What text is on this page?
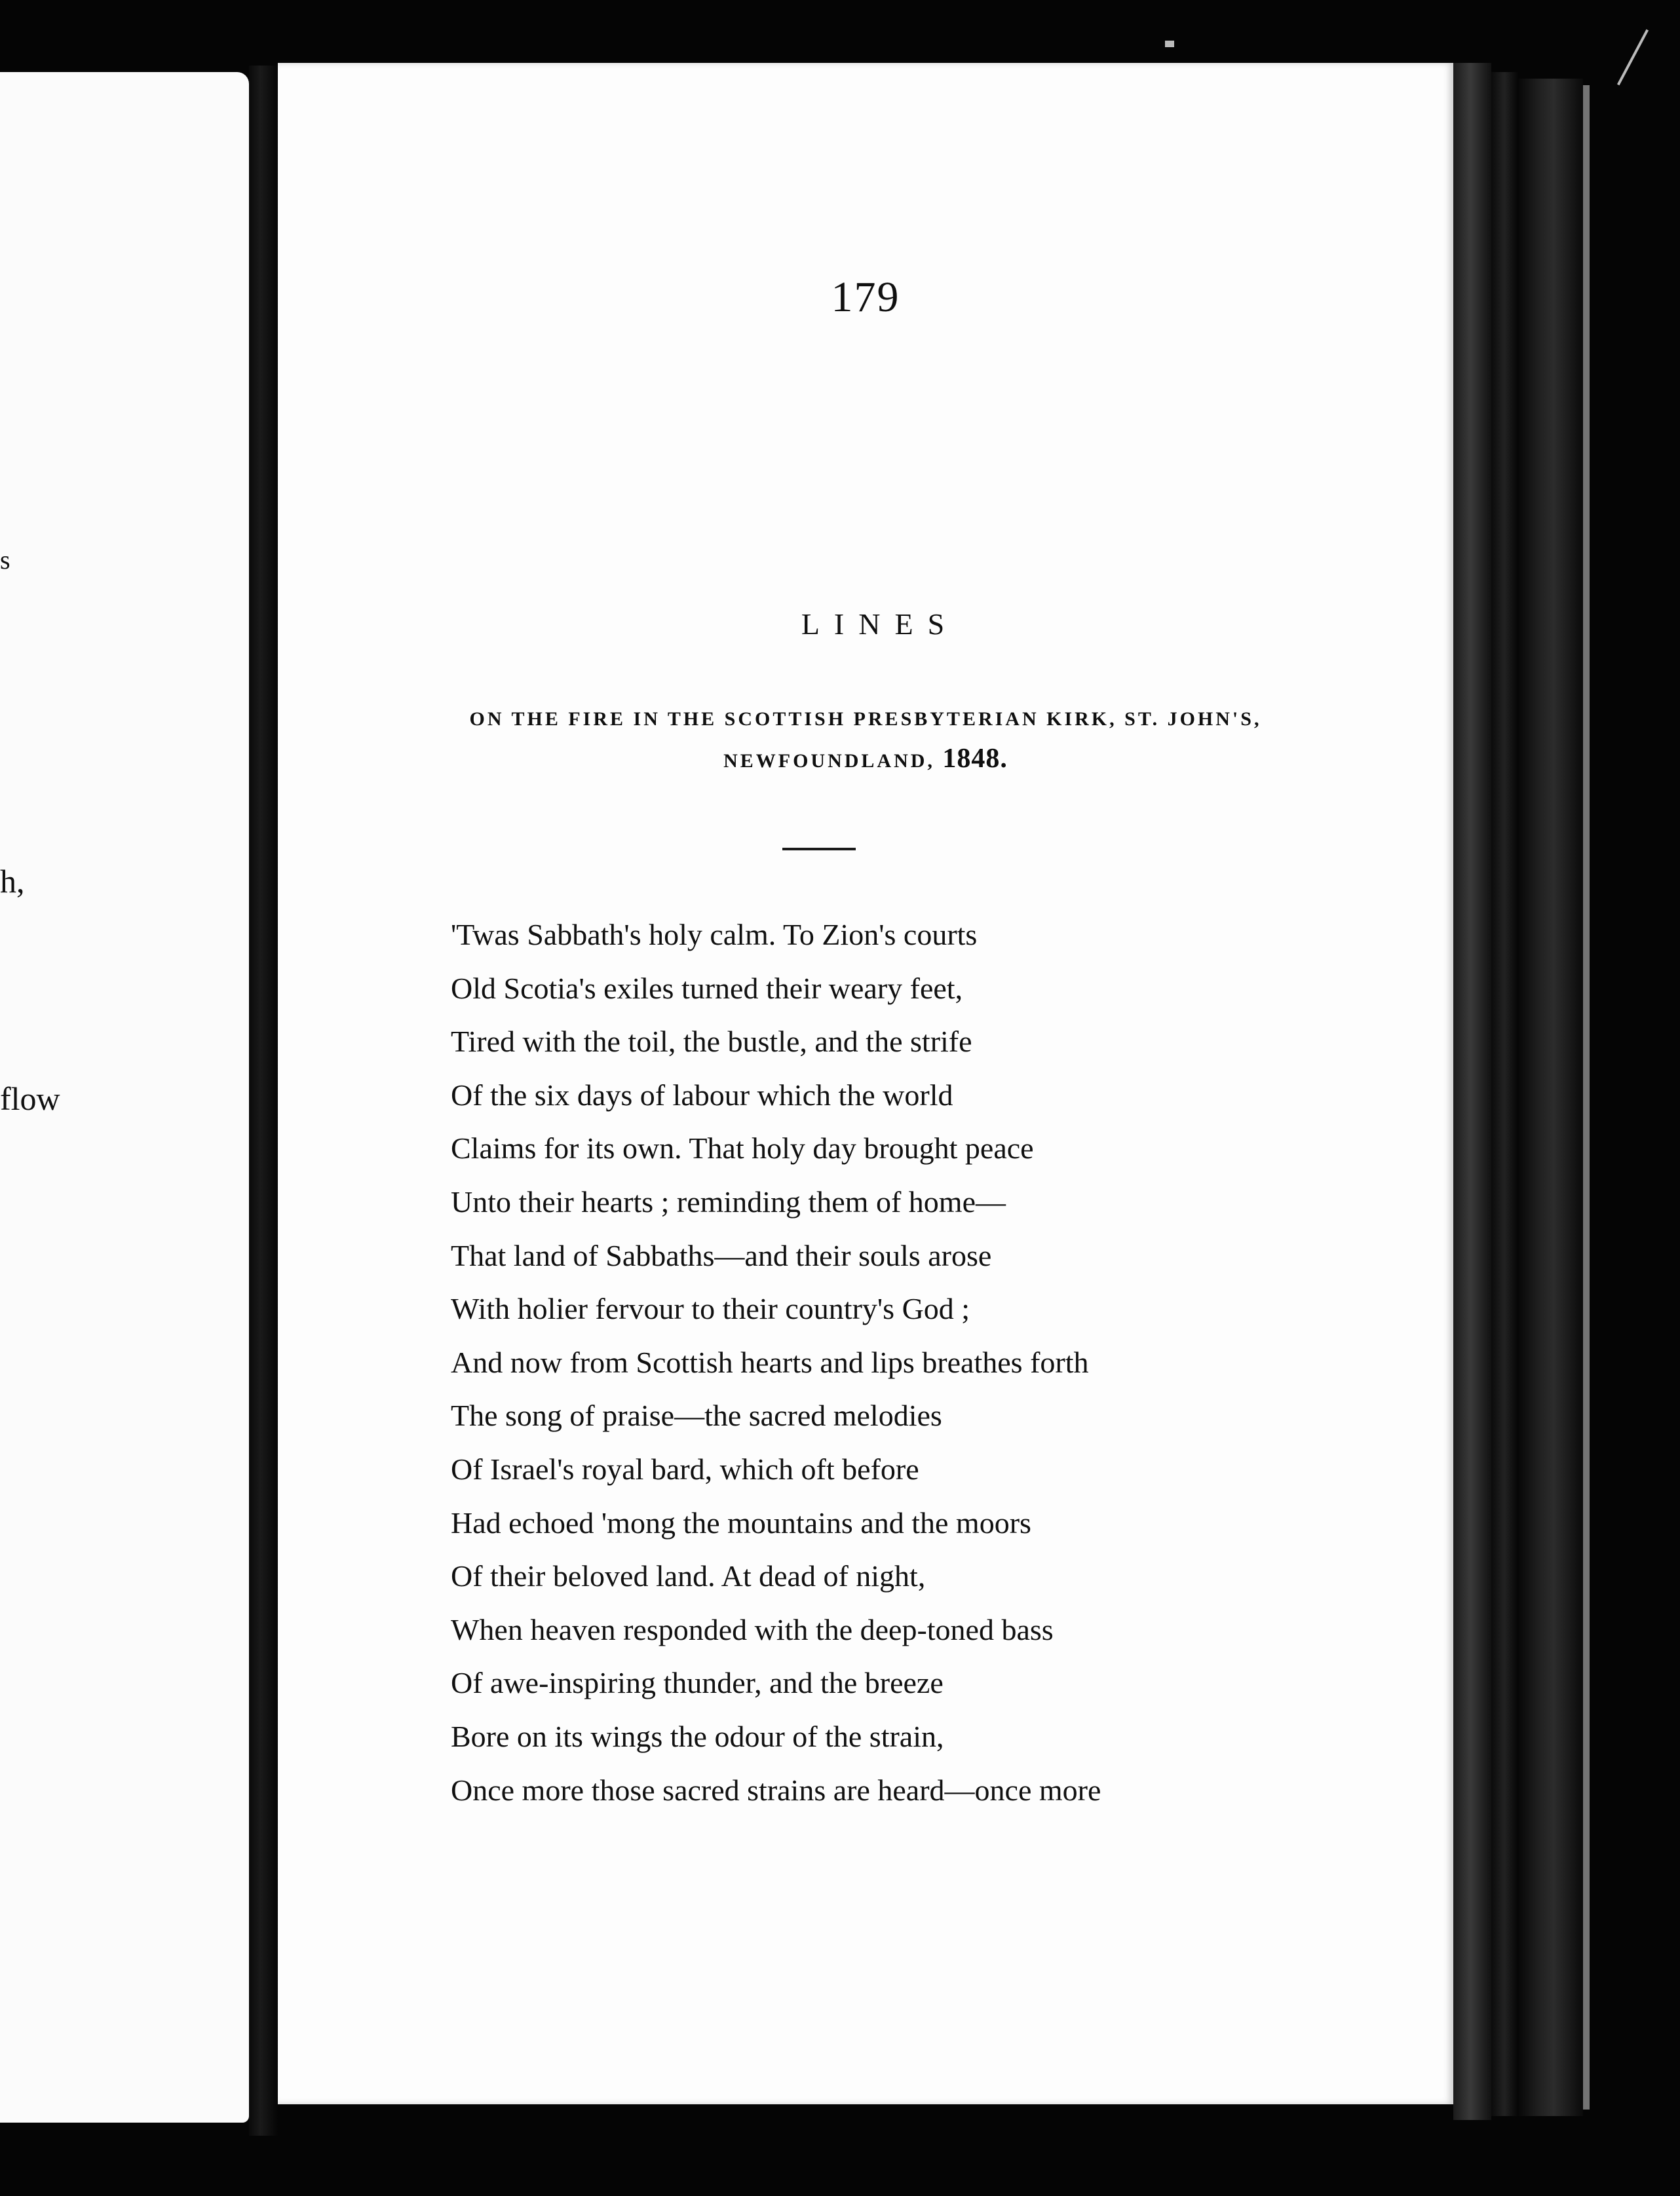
s
h,
flow
179
LINES
ON THE FIRE IN THE SCOTTISH PRESBYTERIAN KIRK, ST. JOHN'S,
NEWFOUNDLAND, 1848.
'Twas Sabbath's holy calm. To Zion's courts
Old Scotia's exiles turned their weary feet,
Tired with the toil, the bustle, and the strife
Of the six days of labour which the world
Claims for its own. That holy day brought peace
Unto their hearts ; reminding them of home—
That land of Sabbaths—and their souls arose
With holier fervour to their country's God ;
And now from Scottish hearts and lips breathes forth
The song of praise—the sacred melodies
Of Israel's royal bard, which oft before
Had echoed 'mong the mountains and the moors
Of their beloved land. At dead of night,
When heaven responded with the deep-toned bass
Of awe-inspiring thunder, and the breeze
Bore on its wings the odour of the strain,
Once more those sacred strains are heard—once more
